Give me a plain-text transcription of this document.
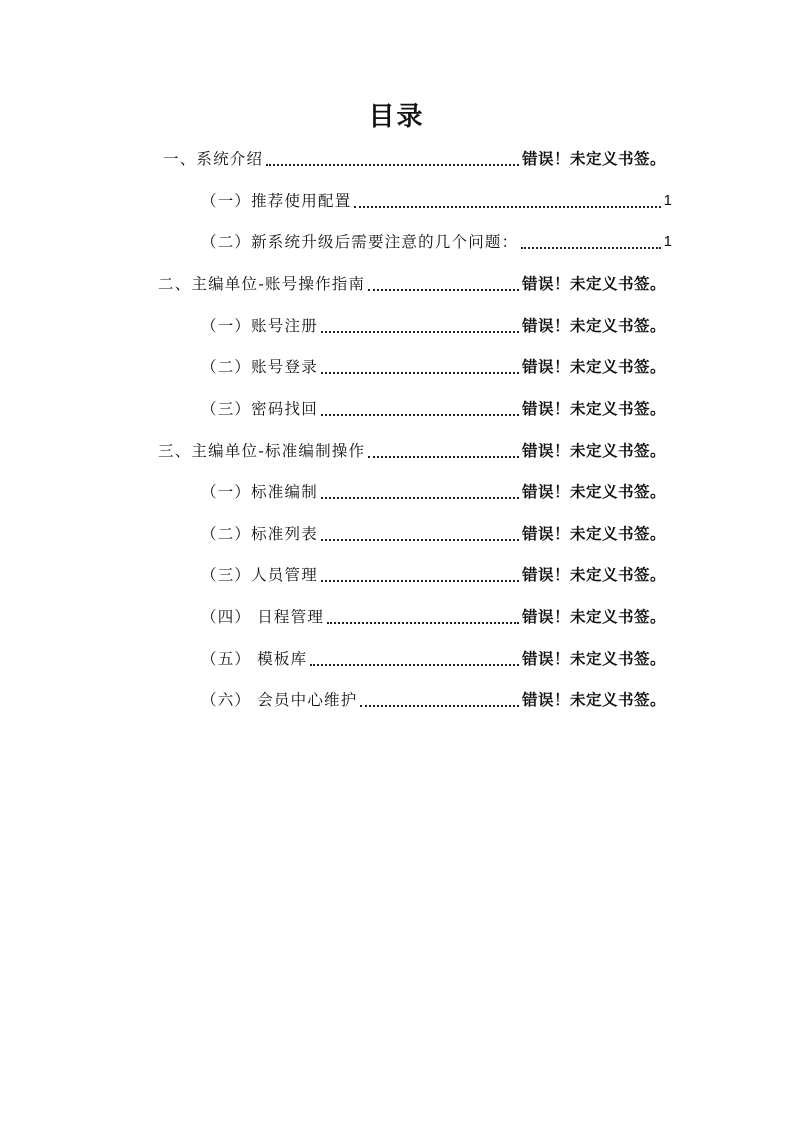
目录
一、系统介绍	错误！未定义书签。
（一）推荐使用配置	1
（二）新系统升级后需要注意的几个问题：	1
二、主编单位-账号操作指南	错误！未定义书签。
（一）账号注册	错误！未定义书签。
（二）账号登录	错误！未定义书签。
（三）密码找回	错误！未定义书签。
三、主编单位-标准编制操作	错误！未定义书签。
（一）标准编制	错误！未定义书签。
（二）标准列表	错误！未定义书签。
（三）人员管理	错误！未定义书签。
（四） 日程管理	错误！未定义书签。
（五） 模板库	错误！未定义书签。
（六） 会员中心维护	错误！未定义书签。
